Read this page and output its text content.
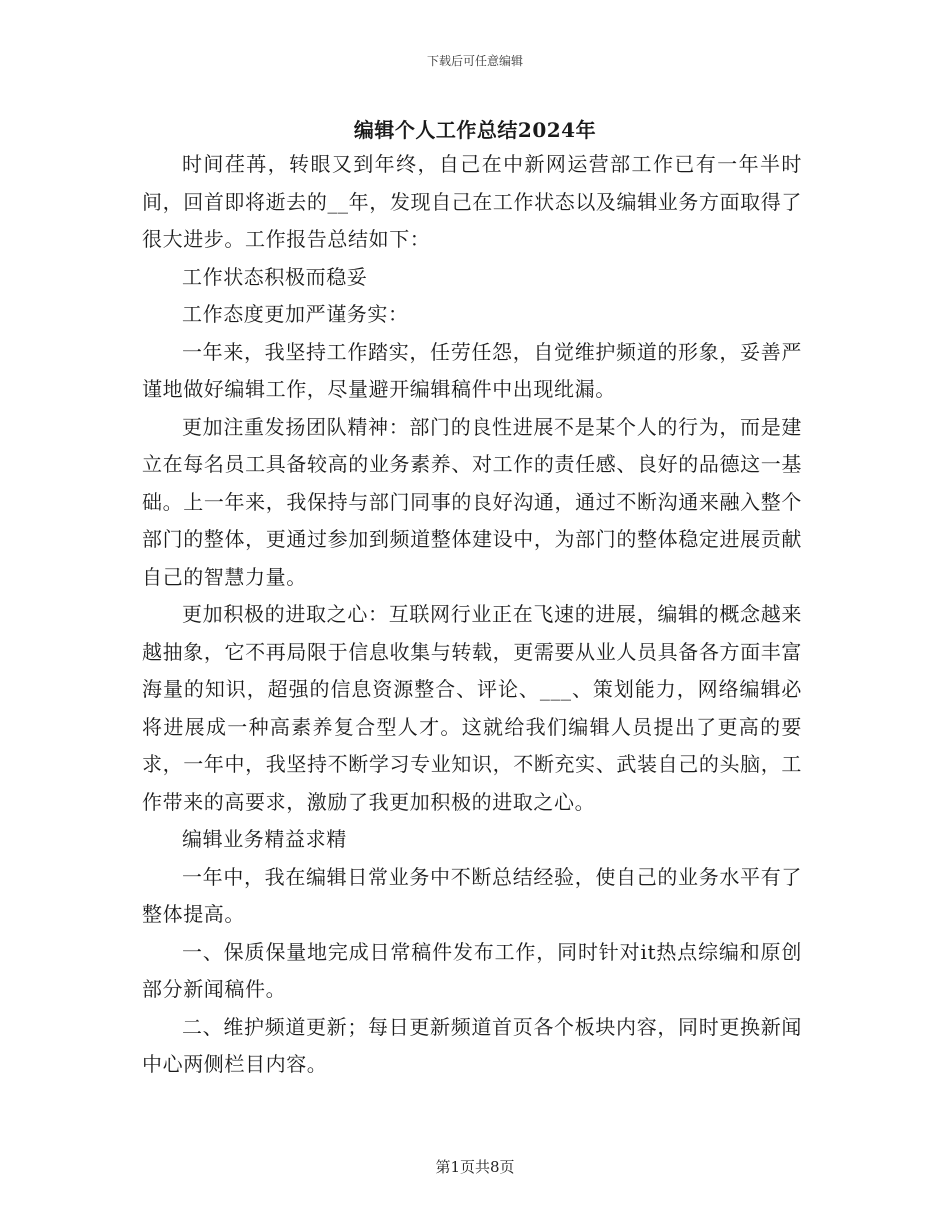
下载后可任意编辑
编辑个人工作总结2024年

时间荏苒，转眼又到年终，自己在中新网运营部工作已有一年半时间，回首即将逝去的__年，发现自己在工作状态以及编辑业务方面取得了很大进步。工作报告总结如下：

工作状态积极而稳妥

工作态度更加严谨务实：

一年来，我坚持工作踏实，任劳任怨，自觉维护频道的形象，妥善严谨地做好编辑工作，尽量避开编辑稿件中出现纰漏。

更加注重发扬团队精神：部门的良性进展不是某个人的行为，而是建立在每名员工具备较高的业务素养、对工作的责任感、良好的品德这一基础。上一年来，我保持与部门同事的良好沟通，通过不断沟通来融入整个部门的整体，更通过参加到频道整体建设中，为部门的整体稳定进展贡献自己的智慧力量。

更加积极的进取之心：互联网行业正在飞速的进展，编辑的概念越来越抽象，它不再局限于信息收集与转载，更需要从业人员具备各方面丰富海量的知识，超强的信息资源整合、评论、___、策划能力，网络编辑必将进展成一种高素养复合型人才。这就给我们编辑人员提出了更高的要求，一年中，我坚持不断学习专业知识，不断充实、武装自己的头脑，工作带来的高要求，激励了我更加积极的进取之心。

编辑业务精益求精

一年中，我在编辑日常业务中不断总结经验，使自己的业务水平有了整体提高。

一、保质保量地完成日常稿件发布工作，同时针对it热点综编和原创部分新闻稿件。

二、维护频道更新；每日更新频道首页各个板块内容，同时更换新闻中心两侧栏目内容。

第1页共8页
